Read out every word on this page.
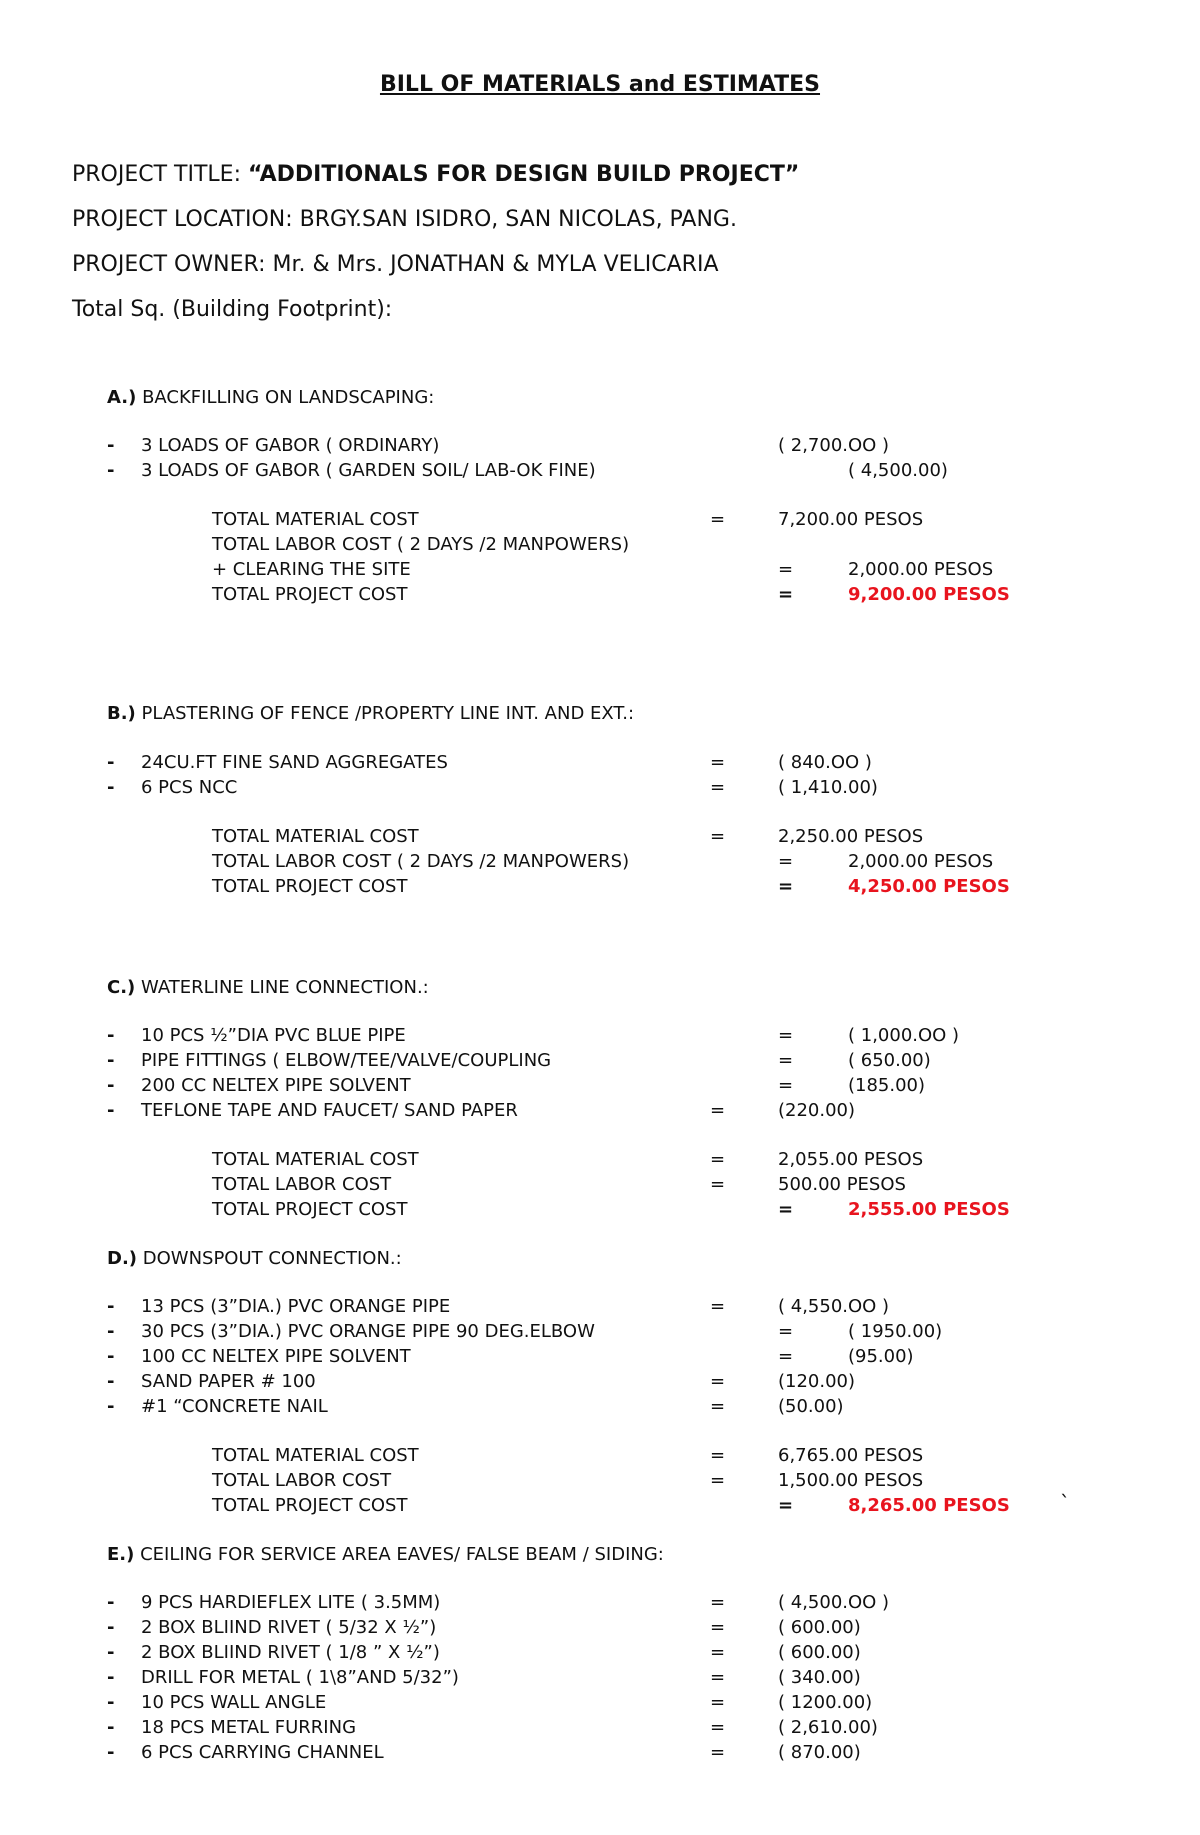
BILL OF MATERIALS and ESTIMATES
PROJECT TITLE: “ADDITIONALS FOR DESIGN BUILD PROJECT”
PROJECT LOCATION: BRGY.SAN ISIDRO, SAN NICOLAS, PANG.
PROJECT OWNER: Mr. & Mrs. JONATHAN & MYLA VELICARIA
Total Sq. (Building Footprint):
A.) BACKFILLING ON LANDSCAPING:
- 3 LOADS OF GABOR ( ORDINARY)	( 2,700.OO )
- 3 LOADS OF GABOR ( GARDEN SOIL/ LAB-OK FINE)	( 4,500.00)
TOTAL MATERIAL COST	=	7,200.00 PESOS
TOTAL LABOR COST ( 2 DAYS /2 MANPOWERS)
+ CLEARING THE SITE	=	2,000.00 PESOS
TOTAL PROJECT COST	=	9,200.00 PESOS
B.) PLASTERING OF FENCE /PROPERTY LINE INT. AND EXT.:
- 24CU.FT FINE SAND AGGREGATES	=	( 840.OO )
- 6 PCS NCC	=	( 1,410.00)
TOTAL MATERIAL COST	=	2,250.00 PESOS
TOTAL LABOR COST ( 2 DAYS /2 MANPOWERS)	=	2,000.00 PESOS
TOTAL PROJECT COST	=	4,250.00 PESOS
C.) WATERLINE LINE CONNECTION.:
- 10 PCS ½”DIA PVC BLUE PIPE	=	( 1,000.OO )
- PIPE FITTINGS ( ELBOW/TEE/VALVE/COUPLING	=	( 650.00)
- 200 CC NELTEX PIPE SOLVENT	=	(185.00)
- TEFLONE TAPE AND FAUCET/ SAND PAPER	=	(220.00)
TOTAL MATERIAL COST	=	2,055.00 PESOS
TOTAL LABOR COST	=	500.00 PESOS
TOTAL PROJECT COST	=	2,555.00 PESOS
D.) DOWNSPOUT CONNECTION.:
- 13 PCS (3”DIA.) PVC ORANGE PIPE	=	( 4,550.OO )
- 30 PCS (3”DIA.) PVC ORANGE PIPE 90 DEG.ELBOW	=	( 1950.00)
- 100 CC NELTEX PIPE SOLVENT	=	(95.00)
- SAND PAPER # 100	=	(120.00)
- #1 “CONCRETE NAIL	=	(50.00)
TOTAL MATERIAL COST	=	6,765.00 PESOS
TOTAL LABOR COST	=	1,500.00 PESOS
TOTAL PROJECT COST	=	8,265.00 PESOS	`
E.) CEILING FOR SERVICE AREA EAVES/ FALSE BEAM / SIDING:
- 9 PCS HARDIEFLEX LITE ( 3.5MM)	=	( 4,500.OO )
- 2 BOX BLIIND RIVET ( 5/32 X ½”)	=	( 600.00)
- 2 BOX BLIIND RIVET ( 1/8 ” X ½”)	=	( 600.00)
- DRILL FOR METAL ( 1\8”AND 5/32”)	=	( 340.00)
- 10 PCS WALL ANGLE	=	( 1200.00)
- 18 PCS METAL FURRING	=	( 2,610.00)
- 6 PCS CARRYING CHANNEL	=	( 870.00)
